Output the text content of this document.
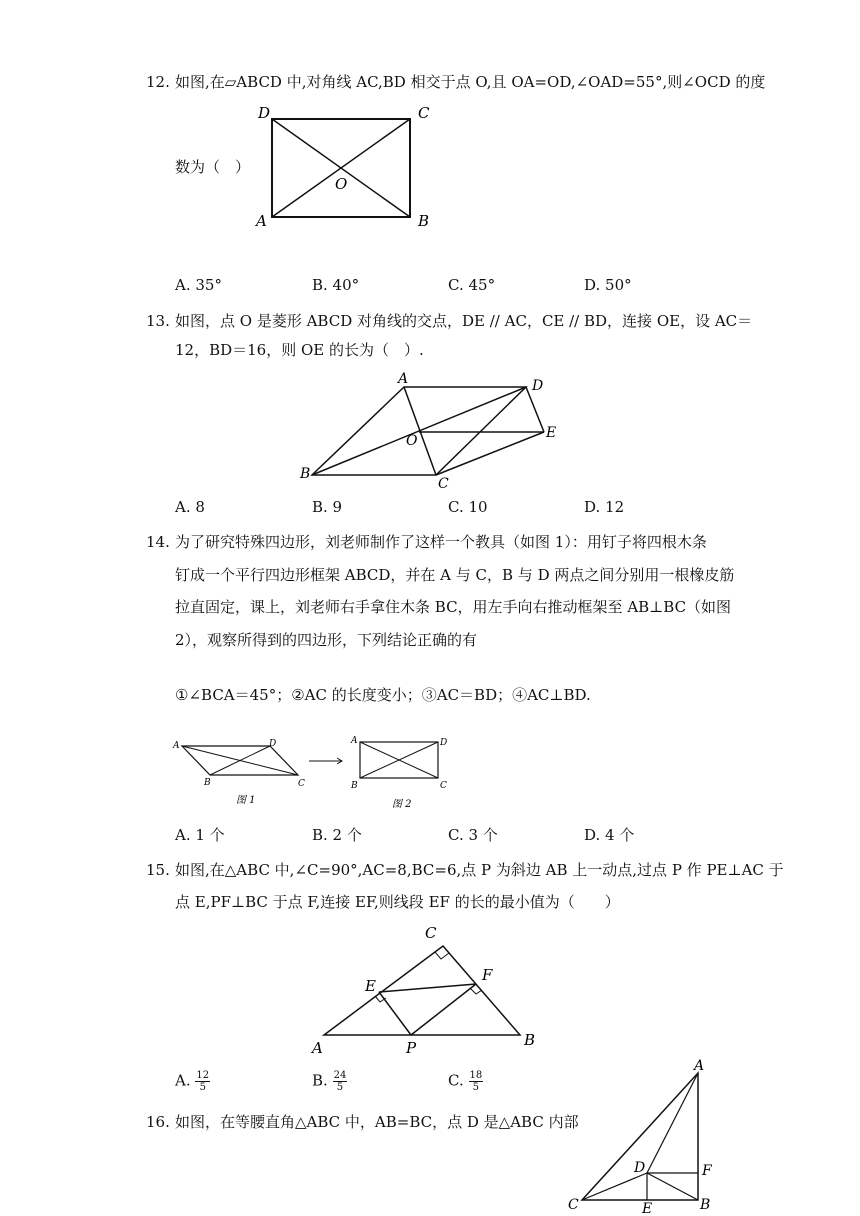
12. 如图,在▱ABCD 中,对角线 AC,BD 相交于点 O,且 OA=OD,∠OAD=55°,则∠OCD 的度
数为（　）
D	C
A	B
O
A. 35°	B. 40°	C. 45°	D. 50°
13. 如图，点 O 是菱形 ABCD 对角线的交点，DE // AC，CE // BD，连接 OE，设 AC＝
12，BD＝16，则 OE 的长为（　）.
A	D
E
O
B
C
A. 8	B. 9	C. 10	D. 12
14. 为了研究特殊四边形，刘老师制作了这样一个教具（如图 1）：用钉子将四根木条
钉成一个平行四边形框架 ABCD，并在 A 与 C，B 与 D 两点之间分别用一根橡皮筋
拉直固定，课上，刘老师右手拿住木条 BC，用左手向右推动框架至 AB⊥BC（如图
2），观察所得到的四边形，下列结论正确的有
①∠BCA＝45°；②AC 的长度变小；③AC＝BD；④AC⊥BD.
A	D
B	C
图 1
A	D
B	C
图 2
A. 1 个	B. 2 个	C. 3 个	D. 4 个
15. 如图,在△ABC 中,∠C=90°,AC=8,BC=6,点 P 为斜边 AB 上一动点,过点 P 作 PE⊥AC 于
点 E,PF⊥BC 于点 F,连接 EF,则线段 EF 的长的最小值为（　　）
C
E
F
A	P	B
A. $\frac{12}{5}$	B. $\frac{24}{5}$	C. $\frac{18}{5}$
16. 如图，在等腰直角△ABC 中，AB=BC，点 D 是△ABC 内部
A
D	F
C	E	B
